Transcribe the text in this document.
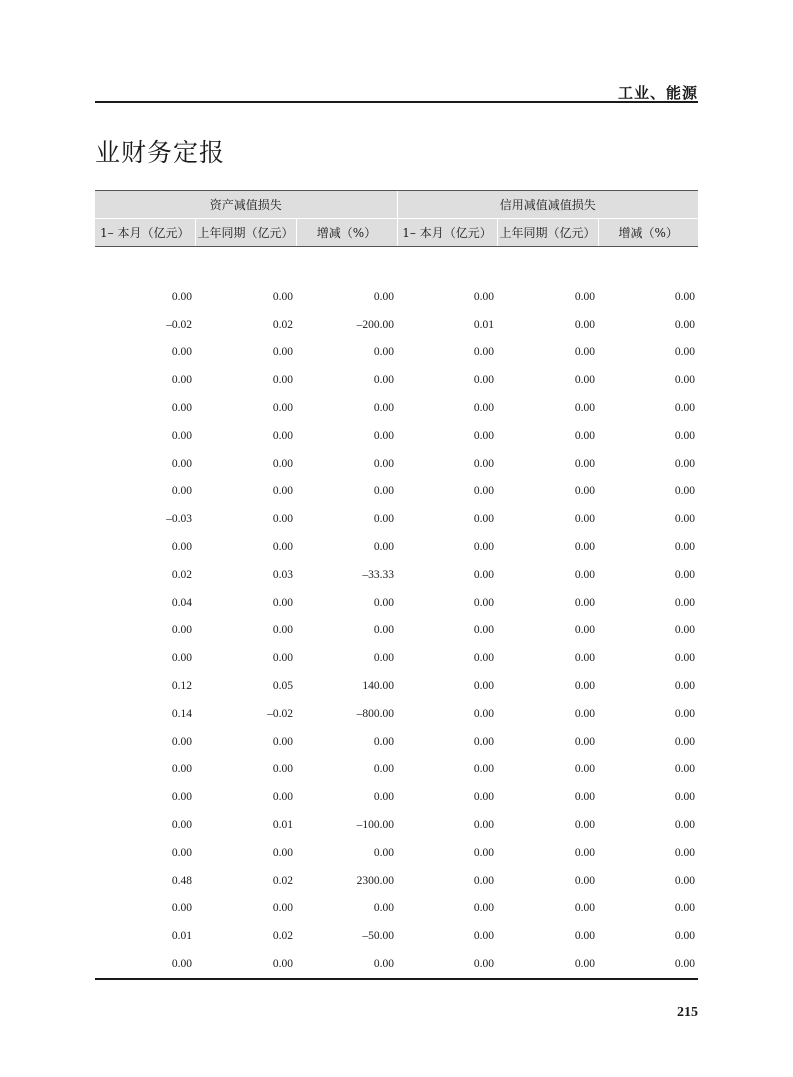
工业、能源
业财务定报
资产减值损失			信用减值减值损失		
1– 本月（亿元）	上年同期（亿元）	增减（%）	1– 本月（亿元）	上年同期（亿元）	增减（%）

0.00	0.00	0.00	0.00	0.00	0.00
–0.02	0.02	–200.00	0.01	0.00	0.00
0.00	0.00	0.00	0.00	0.00	0.00
0.00	0.00	0.00	0.00	0.00	0.00
0.00	0.00	0.00	0.00	0.00	0.00
0.00	0.00	0.00	0.00	0.00	0.00
0.00	0.00	0.00	0.00	0.00	0.00
0.00	0.00	0.00	0.00	0.00	0.00
–0.03	0.00	0.00	0.00	0.00	0.00
0.00	0.00	0.00	0.00	0.00	0.00
0.02	0.03	–33.33	0.00	0.00	0.00
0.04	0.00	0.00	0.00	0.00	0.00
0.00	0.00	0.00	0.00	0.00	0.00
0.00	0.00	0.00	0.00	0.00	0.00
0.12	0.05	140.00	0.00	0.00	0.00
0.14	–0.02	–800.00	0.00	0.00	0.00
0.00	0.00	0.00	0.00	0.00	0.00
0.00	0.00	0.00	0.00	0.00	0.00
0.00	0.00	0.00	0.00	0.00	0.00
0.00	0.01	–100.00	0.00	0.00	0.00
0.00	0.00	0.00	0.00	0.00	0.00
0.48	0.02	2300.00	0.00	0.00	0.00
0.00	0.00	0.00	0.00	0.00	0.00
0.01	0.02	–50.00	0.00	0.00	0.00
0.00	0.00	0.00	0.00	0.00	0.00
215
